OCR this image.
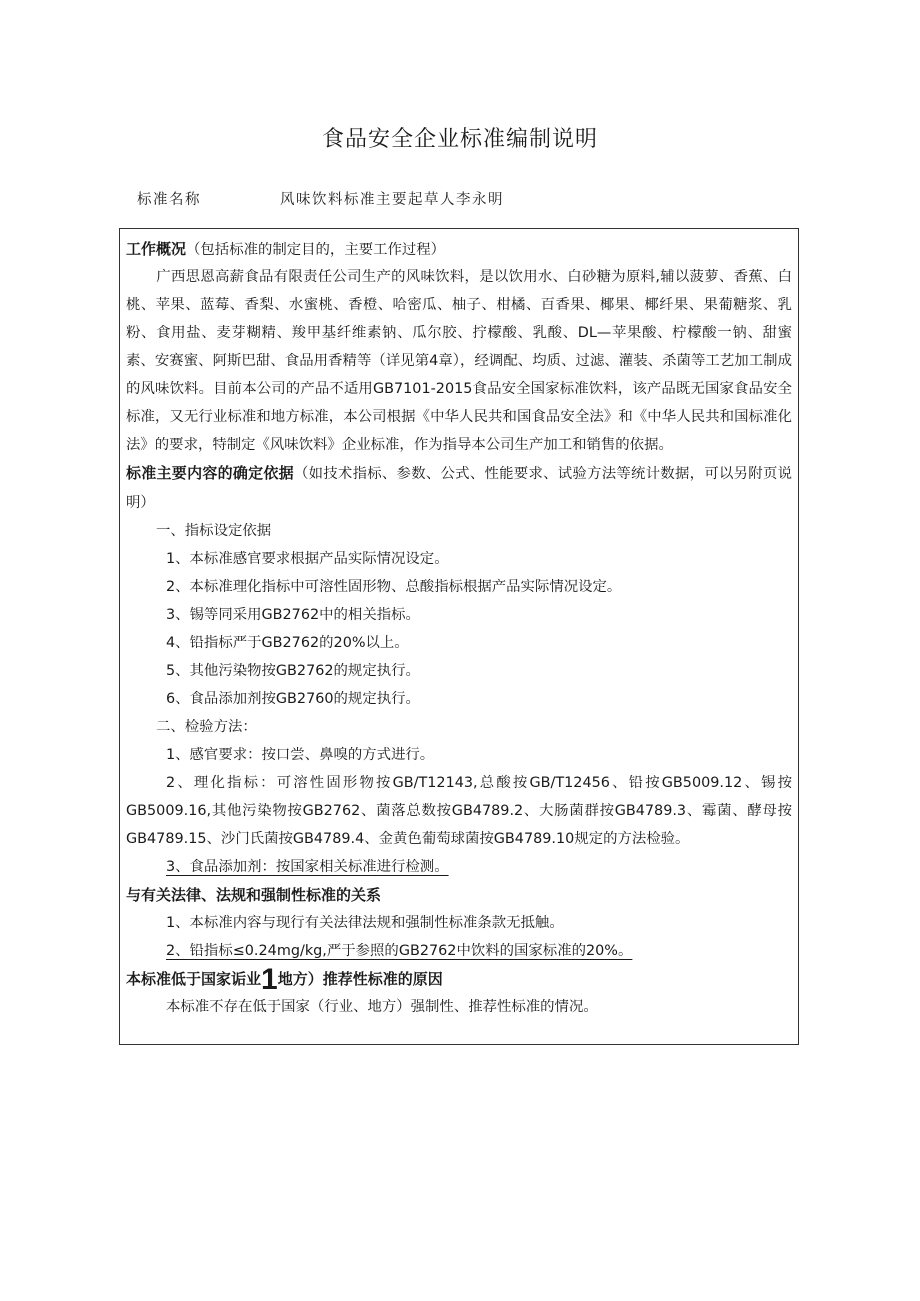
食品安全企业标准编制说明
标准名称	风味饮料标准主要起草人李永明
工作概况（包括标准的制定目的，主要工作过程）

广西思恩高薪食品有限责任公司生产的风味饮料，是以饮用水、白砂糖为原料,辅以菠萝、香蕉、白桃、苹果、蓝莓、香梨、水蜜桃、香橙、哈密瓜、柚子、柑橘、百香果、椰果、椰纤果、果葡糖浆、乳粉、食用盐、麦芽糊精、羧甲基纤维素钠、瓜尔胶、拧檬酸、乳酸、DL—苹果酸、柠檬酸一钠、甜蜜素、安赛蜜、阿斯巴甜、食品用香精等（详见第4章），经调配、均质、过滤、灌装、杀菌等工艺加工制成的风味饮料。目前本公司的产品不适用GB7101-2015食品安全国家标准饮料，该产品既无国家食品安全标准，又无行业标准和地方标准，本公司根据《中华人民共和国食品安全法》和《中华人民共和国标准化法》的要求，特制定《风味饮料》企业标准，作为指导本公司生产加工和销售的依据。

标准主要内容的确定依据（如技术指标、参数、公式、性能要求、试验方法等统计数据，可以另附页说明）
一、指标设定依据
1、本标准感官要求根据产品实际情况设定。
2、本标准理化指标中可溶性固形物、总酸指标根据产品实际情况设定。
3、锡等同采用GB2762中的相关指标。
4、铅指标严于GB2762的20%以上。
5、其他污染物按GB2762的规定执行。
6、食品添加剂按GB2760的规定执行。
二、检验方法：
1、感官要求：按口尝、鼻嗅的方式进行。

2、理化指标：可溶性固形物按GB/T12143,总酸按GB/T12456、铅按GB5009.12、锡按GB5009.16,其他污染物按GB2762、菌落总数按GB4789.2、大肠菌群按GB4789.3、霉菌、酵母按GB4789.15、沙门氏菌按GB4789.4、金黄色葡萄球菌按GB4789.10规定的方法检验。

3、食品添加剂：按国家相关标准进行检测。
与有关法律、法规和强制性标准的关系
1、本标准内容与现行有关法律法规和强制性标准条款无抵触。
2、铅指标≤0.24mg/kg,严于参照的GB2762中饮料的国家标准的20%。
本标准低于国家诟业1地方）推荐性标准的原因
本标准不存在低于国家（行业、地方）强制性、推荐性标准的情况。
